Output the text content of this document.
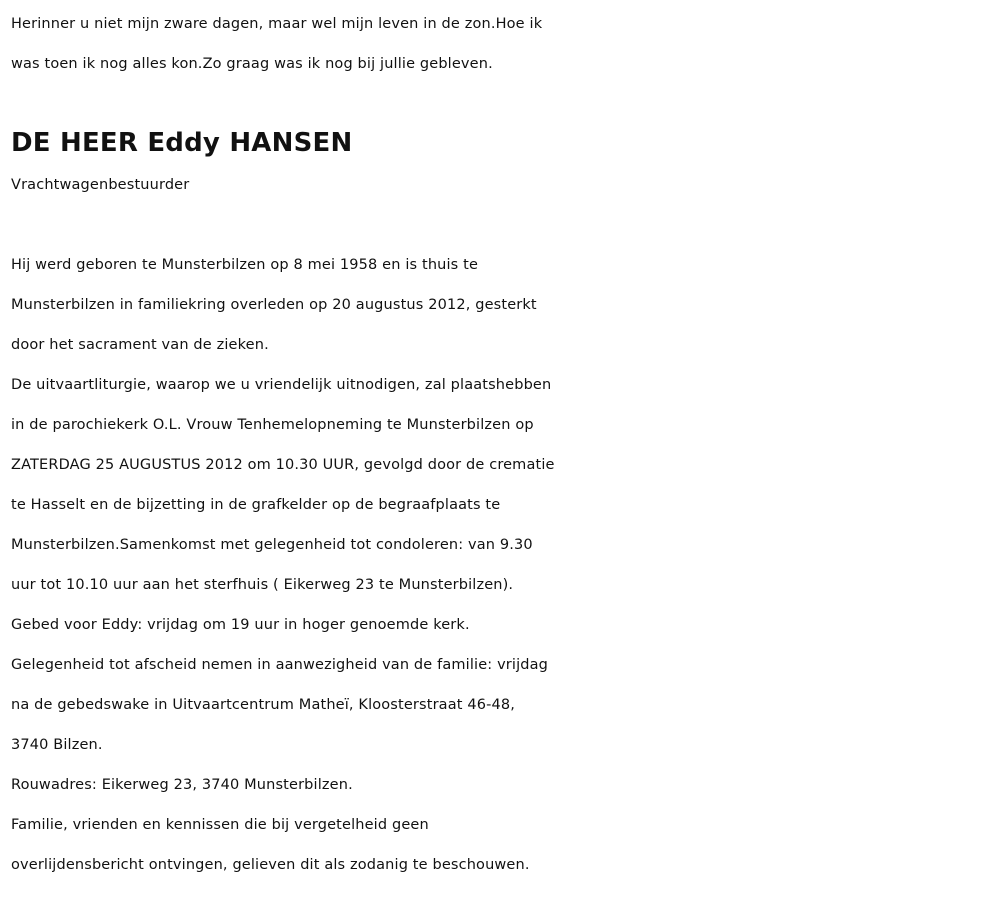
Herinner u niet mijn zware dagen, maar wel mijn leven in de zon.Hoe ik
was toen ik nog alles kon.Zo graag was ik nog bij jullie gebleven.
DE HEER Eddy HANSEN
Vrachtwagenbestuurder
Hij werd geboren te Munsterbilzen op 8 mei 1958 en is thuis te
Munsterbilzen in familiekring overleden op 20 augustus 2012, gesterkt
door het sacrament van de zieken.
De uitvaartliturgie, waarop we u vriendelijk uitnodigen, zal plaatshebben
in de parochiekerk O.L. Vrouw Tenhemelopneming te Munsterbilzen op
ZATERDAG 25 AUGUSTUS 2012 om 10.30 UUR, gevolgd door de crematie
te Hasselt en de bijzetting in de grafkelder op de begraafplaats te
Munsterbilzen.Samenkomst met gelegenheid tot condoleren: van 9.30
uur tot 10.10 uur aan het sterfhuis ( Eikerweg 23 te Munsterbilzen).
Gebed voor Eddy: vrijdag om 19 uur in hoger genoemde kerk.
Gelegenheid tot afscheid nemen in aanwezigheid van de familie: vrijdag
na de gebedswake in Uitvaartcentrum Matheï, Kloosterstraat 46-48,
3740 Bilzen.
Rouwadres: Eikerweg 23, 3740 Munsterbilzen.
Familie, vrienden en kennissen die bij vergetelheid geen
overlijdensbericht ontvingen, gelieven dit als zodanig te beschouwen.
